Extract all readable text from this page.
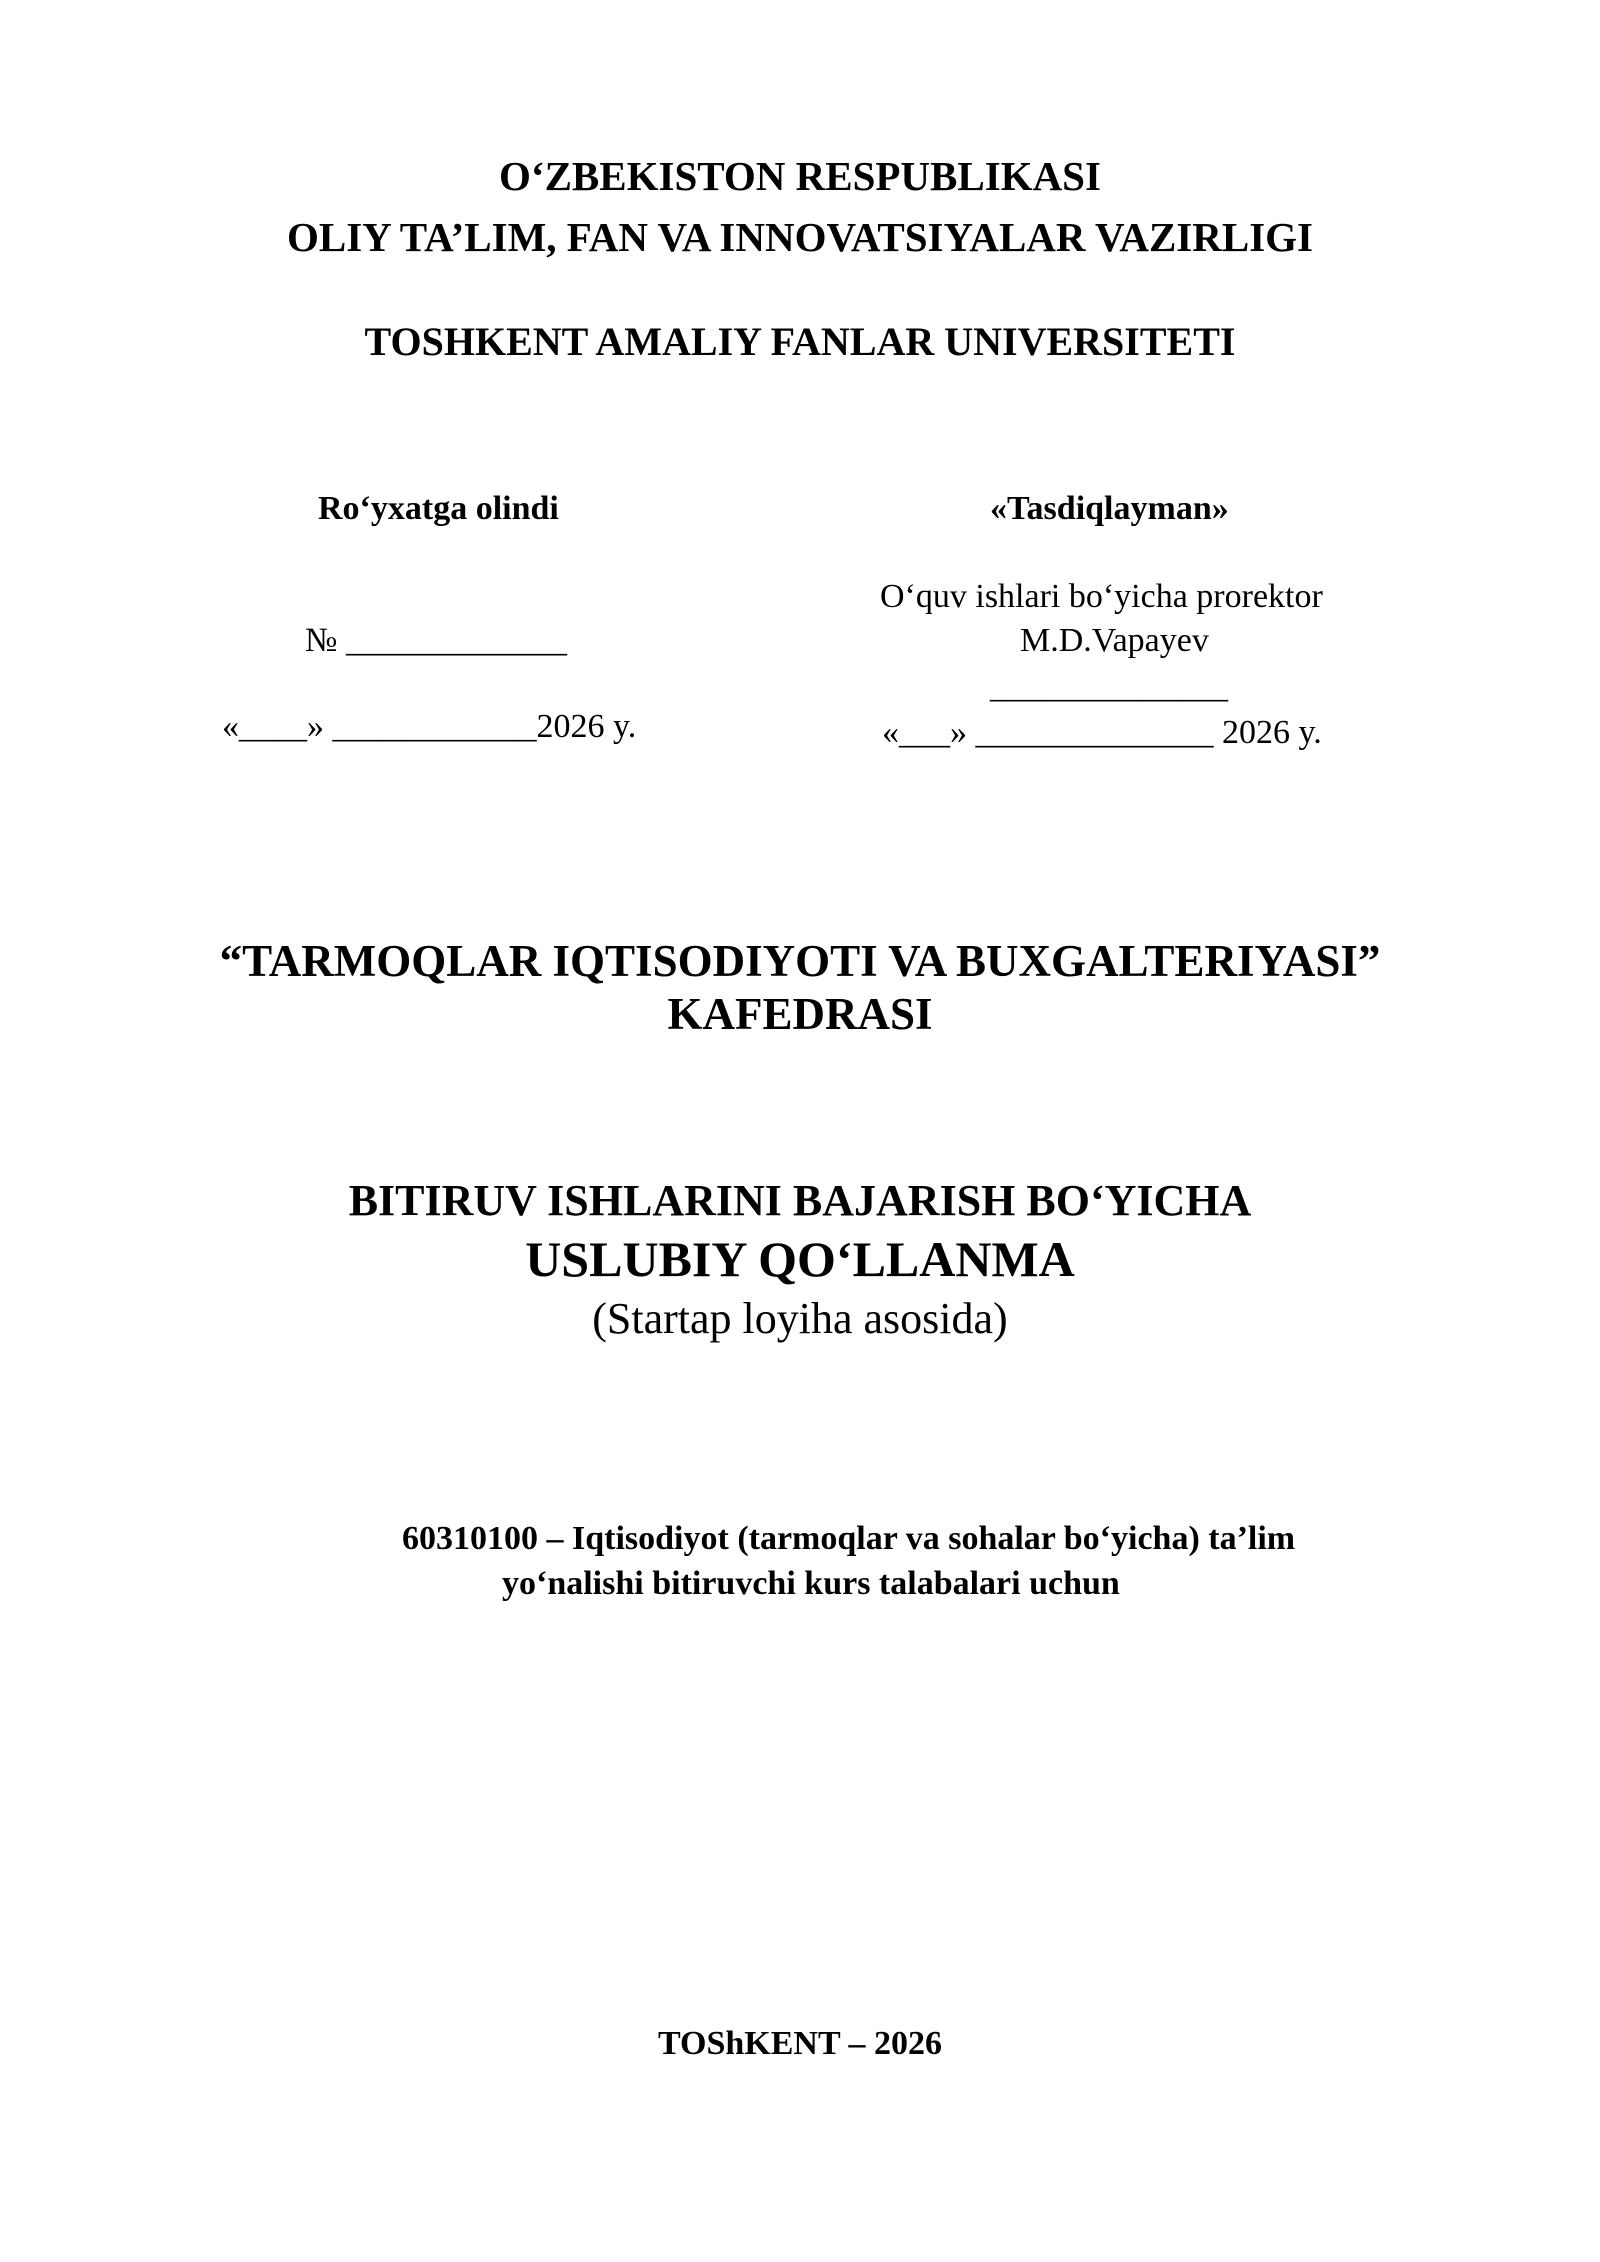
O‘ZBEKISTON RESPUBLIKASI
OLIY TA’LIM, FAN VA INNOVATSIYALAR VAZIRLIGI
TOSHKENT AMALIY FANLAR UNIVERSITETI
Ro‘yxatga olindi
№ _____________
«____» ____________2026 y.
«Tasdiqlayman»
O‘quv ishlari bo‘yicha prorektor
M.D.Vapayev
______________
«___» ______________ 2026 y.
“TARMOQLAR IQTISODIYOTI VA BUXGALTERIYASI”
KAFEDRASI
BITIRUV ISHLARINI BAJARISH BO‘YICHA
USLUBIY QO‘LLANMA
(Startap loyiha asosida)
60310100 – Iqtisodiyot (tarmoqlar va sohalar bo‘yicha) ta’lim
yo‘nalishi bitiruvchi kurs talabalari uchun
TOShKENT – 2026
